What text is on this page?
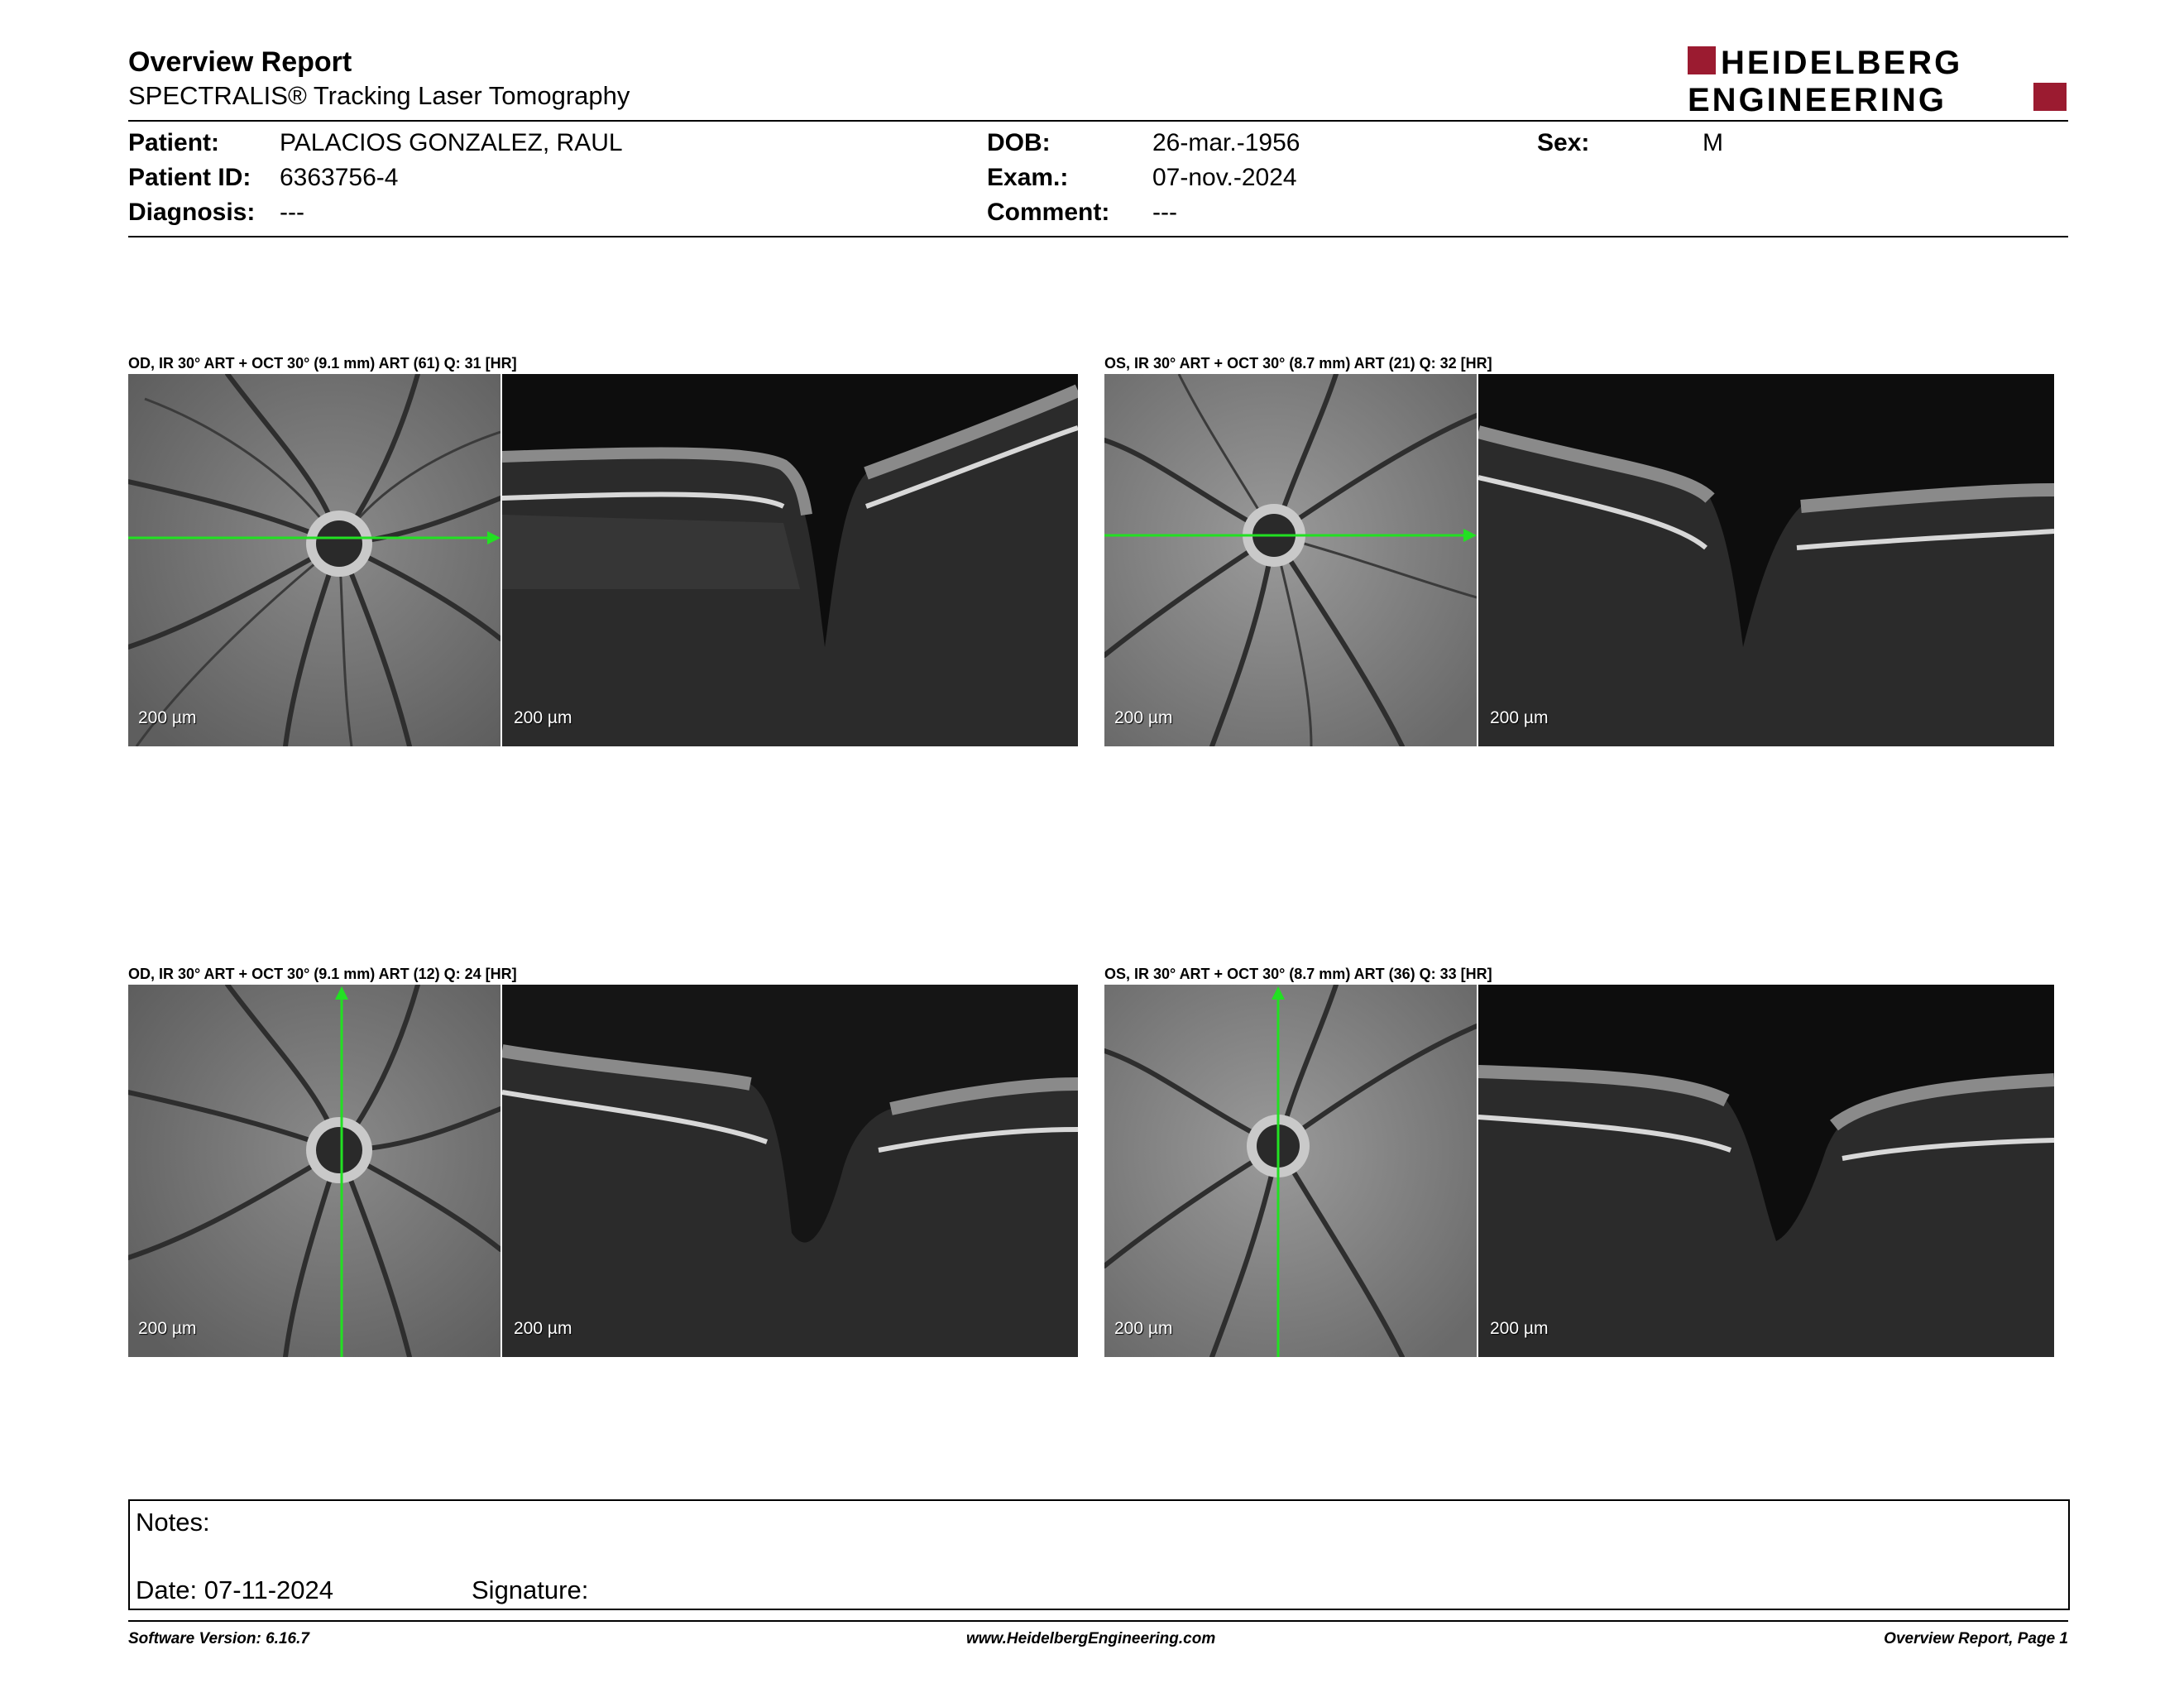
Overview Report
SPECTRALIS® Tracking Laser Tomography
HEIDELBERG
ENGINEERING
Patient: PALACIOS GONZALEZ, RAUL
Patient ID: 6363756-4
Diagnosis: ---
DOB:	26-mar.-1956
Exam.:	07-nov.-2024
Comment: ---
Sex:	M
OD, IR 30° ART + OCT 30° (9.1 mm) ART (61) Q: 31 [HR]
200 µm	200 µm
OS, IR 30° ART + OCT 30° (8.7 mm) ART (21) Q: 32 [HR]
200 µm	200 µm
OD, IR 30° ART + OCT 30° (9.1 mm) ART (12) Q: 24 [HR]
200 µm	200 µm
OS, IR 30° ART + OCT 30° (8.7 mm) ART (36) Q: 33 [HR]
200 µm	200 µm
Notes:
Date: 07-11-2024	Signature:
Software Version: 6.16.7	www.HeidelbergEngineering.com	Overview Report, Page 1
